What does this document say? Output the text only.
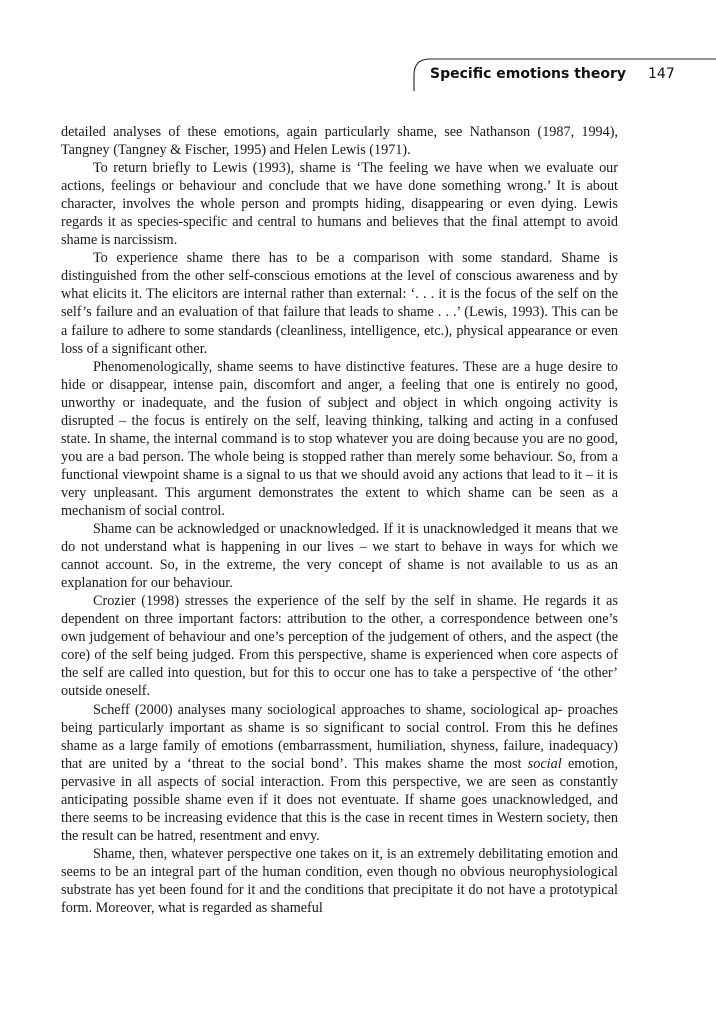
Specific emotions theory 147

detailed analyses of these emotions, again particularly shame, see Nathanson (1987, 1994), Tangney (Tangney & Fischer, 1995) and Helen Lewis (1971).

To return briefly to Lewis (1993), shame is ‘The feeling we have when we evaluate our actions, feelings or behaviour and conclude that we have done something wrong.’ It is about character, involves the whole person and prompts hiding, disappearing or even dying. Lewis regards it as species-specific and central to humans and believes that the final attempt to avoid shame is narcissism.

To experience shame there has to be a comparison with some standard. Shame is distinguished from the other self-conscious emotions at the level of conscious awareness and by what elicits it. The elicitors are internal rather than external: ‘. . . it is the focus of the self on the self’s failure and an evaluation of that failure that leads to shame . . .’ (Lewis, 1993). This can be a failure to adhere to some standards (cleanliness, intelligence, etc.), physical appearance or even loss of a significant other.

Phenomenologically, shame seems to have distinctive features. These are a huge desire to hide or disappear, intense pain, discomfort and anger, a feeling that one is entirely no good, unworthy or inadequate, and the fusion of subject and object in which ongoing activity is disrupted – the focus is entirely on the self, leaving thinking, talking and acting in a confused state. In shame, the internal command is to stop whatever you are doing because you are no good, you are a bad person. The whole being is stopped rather than merely some behaviour. So, from a functional viewpoint shame is a signal to us that we should avoid any actions that lead to it – it is very unpleasant. This argument demonstrates the extent to which shame can be seen as a mechanism of social control.

Shame can be acknowledged or unacknowledged. If it is unacknowledged it means that we do not understand what is happening in our lives – we start to behave in ways for which we cannot account. So, in the extreme, the very concept of shame is not available to us as an explanation for our behaviour.

Crozier (1998) stresses the experience of the self by the self in shame. He regards it as dependent on three important factors: attribution to the other, a correspondence between one’s own judgement of behaviour and one’s perception of the judgement of others, and the aspect (the core) of the self being judged. From this perspective, shame is experienced when core aspects of the self are called into question, but for this to occur one has to take a perspective of ‘the other’ outside oneself.

Scheff (2000) analyses many sociological approaches to shame, sociological ap- proaches being particularly important as shame is so significant to social control. From this he defines shame as a large family of emotions (embarrassment, humiliation, shyness, failure, inadequacy) that are united by a ‘threat to the social bond’. This makes shame the most social emotion, pervasive in all aspects of social interaction. From this perspective, we are seen as constantly anticipating possible shame even if it does not eventuate. If shame goes unacknowledged, and there seems to be increasing evidence that this is the case in recent times in Western society, then the result can be hatred, resentment and envy.

Shame, then, whatever perspective one takes on it, is an extremely debilitating emotion and seems to be an integral part of the human condition, even though no obvious neurophysiological substrate has yet been found for it and the conditions that precipitate it do not have a prototypical form. Moreover, what is regarded as shameful
